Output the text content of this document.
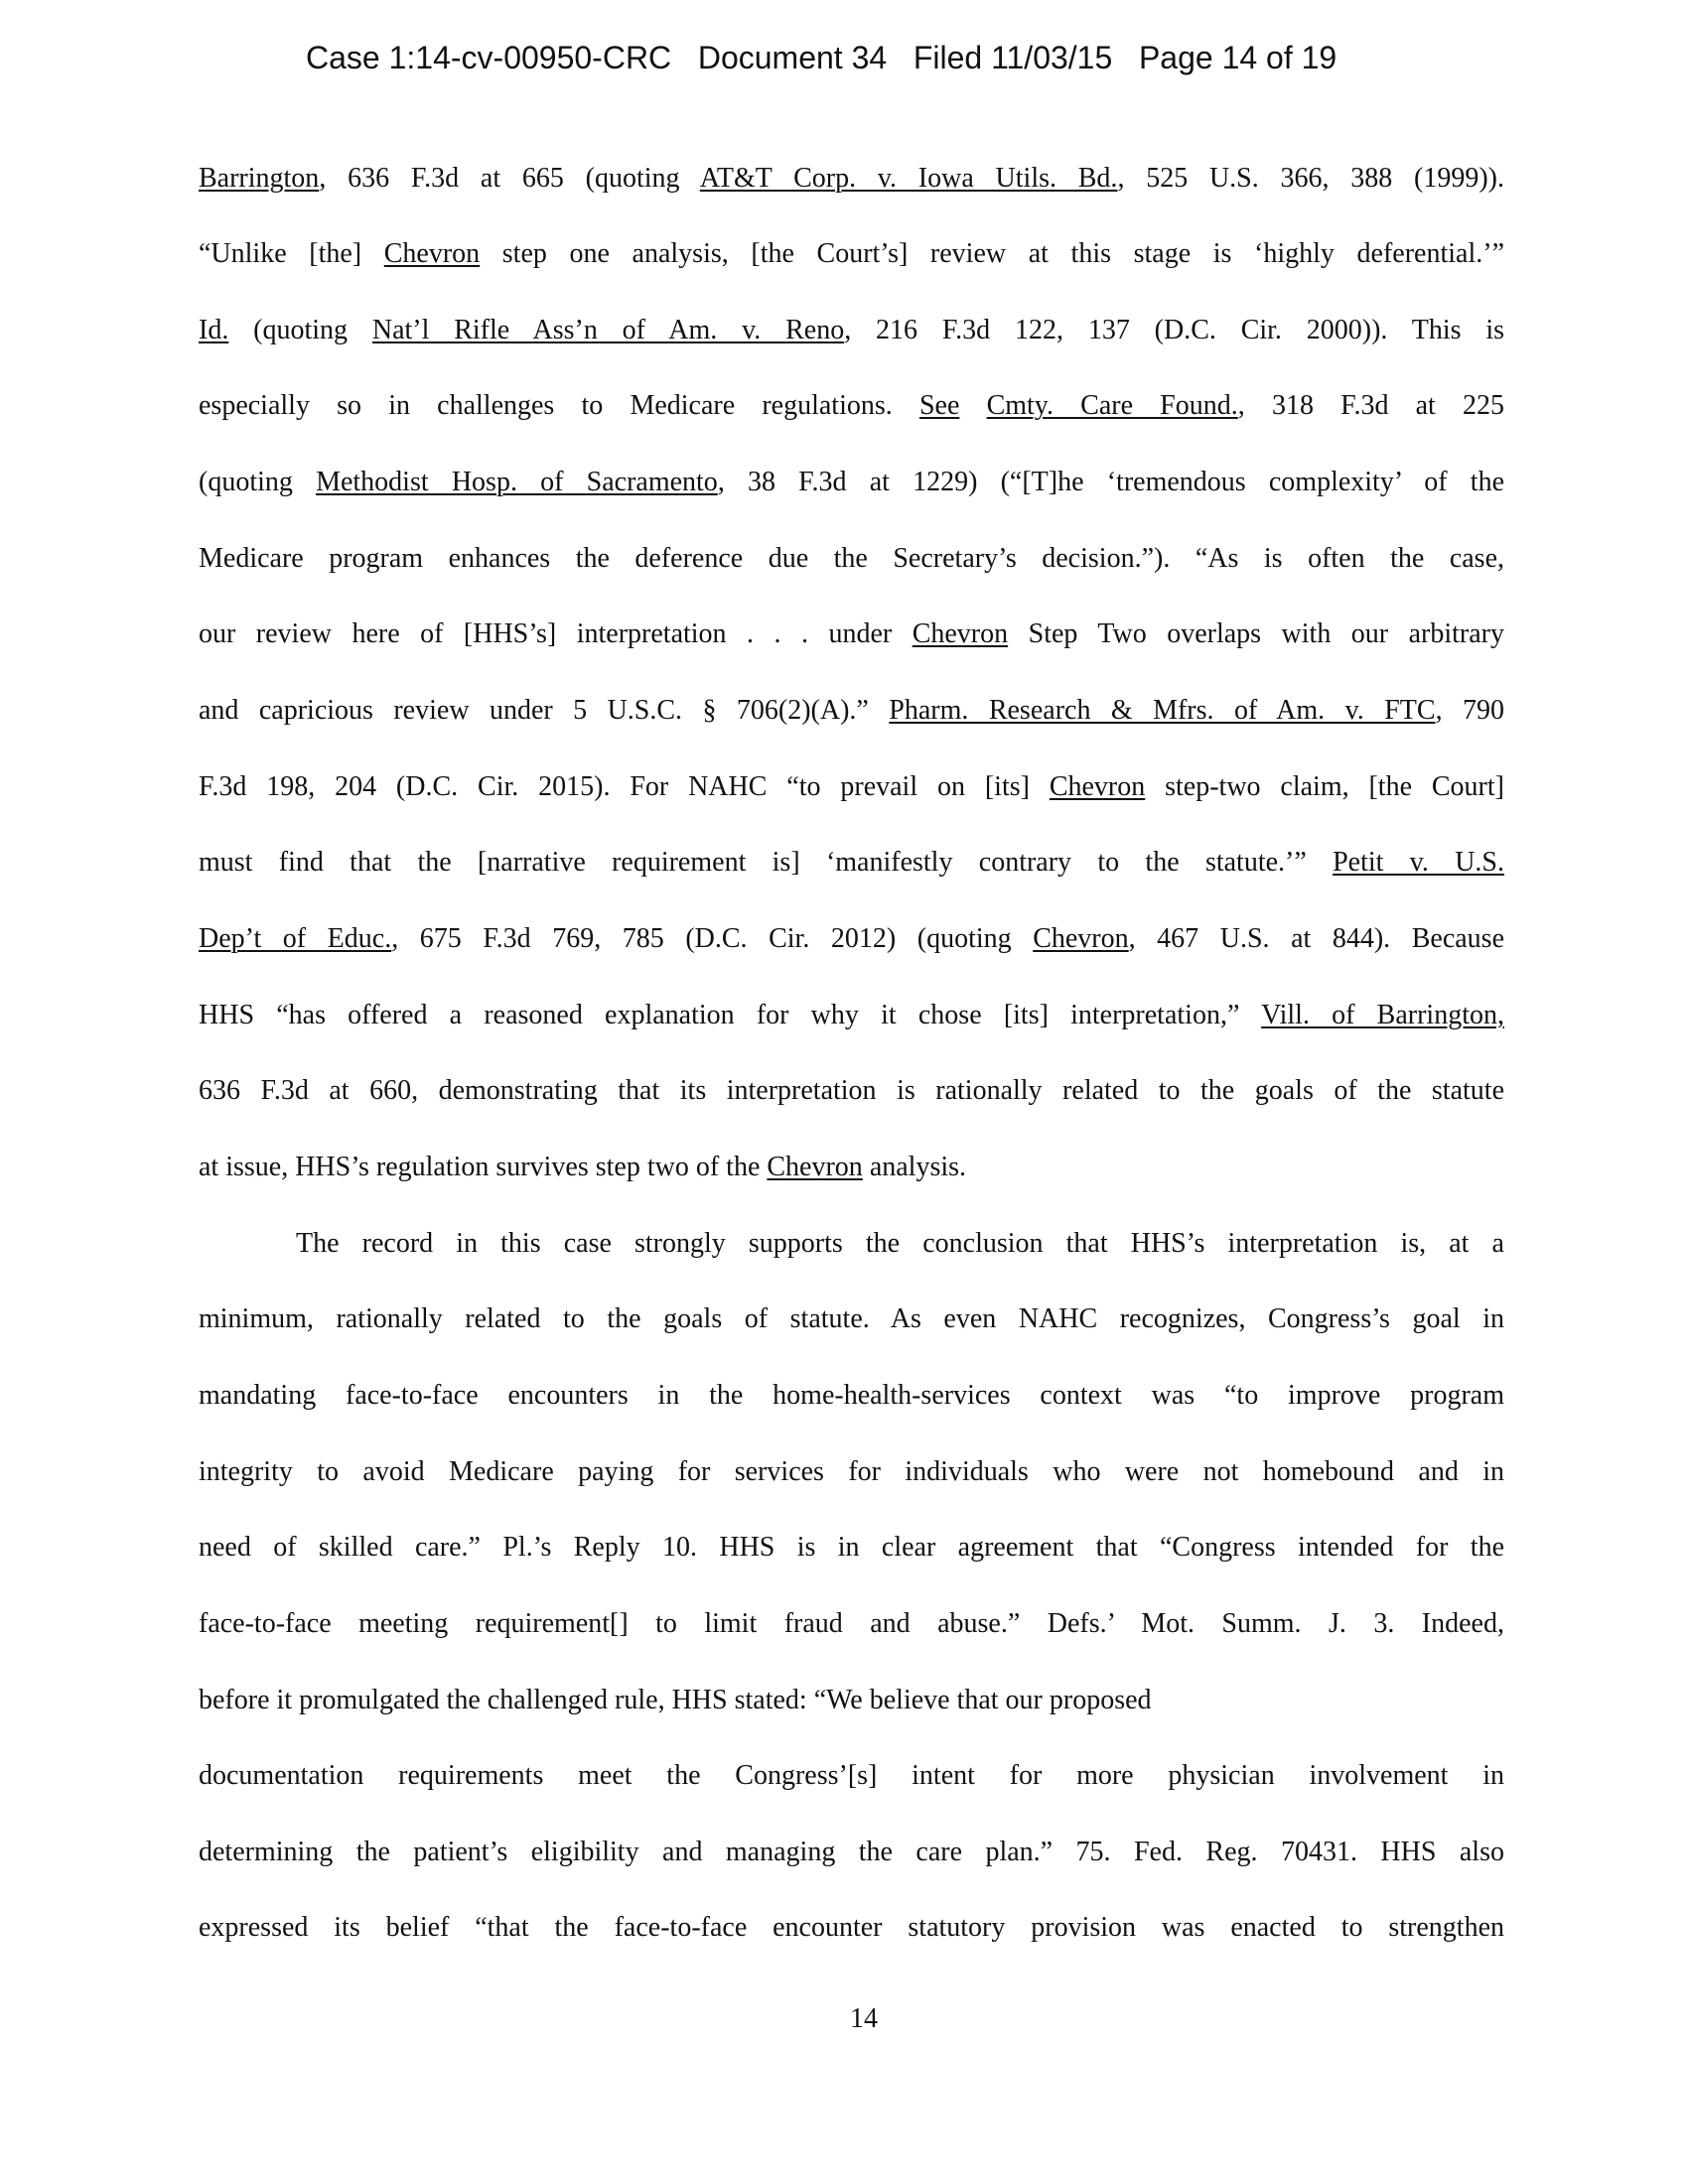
Case 1:14-cv-00950-CRC Document 34 Filed 11/03/15 Page 14 of 19
Barrington, 636 F.3d at 665 (quoting AT&T Corp. v. Iowa Utils. Bd., 525 U.S. 366, 388 (1999)).
“Unlike [the] Chevron step one analysis, [the Court’s] review at this stage is ‘highly deferential.’”
Id. (quoting Nat’l Rifle Ass’n of Am. v. Reno, 216 F.3d 122, 137 (D.C. Cir. 2000)). This is
especially so in challenges to Medicare regulations. See Cmty. Care Found., 318 F.3d at 225
(quoting Methodist Hosp. of Sacramento, 38 F.3d at 1229) (“[T]he ‘tremendous complexity’ of the
Medicare program enhances the deference due the Secretary’s decision.”). “As is often the case,
our review here of [HHS’s] interpretation . . . under Chevron Step Two overlaps with our arbitrary
and capricious review under 5 U.S.C. § 706(2)(A).” Pharm. Research & Mfrs. of Am. v. FTC, 790
F.3d 198, 204 (D.C. Cir. 2015). For NAHC “to prevail on [its] Chevron step-two claim, [the Court]
must find that the [narrative requirement is] ‘manifestly contrary to the statute.’” Petit v. U.S.
Dep’t of Educ., 675 F.3d 769, 785 (D.C. Cir. 2012) (quoting Chevron, 467 U.S. at 844). Because
HHS “has offered a reasoned explanation for why it chose [its] interpretation,” Vill. of Barrington,
636 F.3d at 660, demonstrating that its interpretation is rationally related to the goals of the statute
at issue, HHS’s regulation survives step two of the Chevron analysis.
The record in this case strongly supports the conclusion that HHS’s interpretation is, at a
minimum, rationally related to the goals of statute. As even NAHC recognizes, Congress’s goal in
mandating face-to-face encounters in the home-health-services context was “to improve program
integrity to avoid Medicare paying for services for individuals who were not homebound and in
need of skilled care.” Pl.’s Reply 10. HHS is in clear agreement that “Congress intended for the
face-to-face meeting requirement[] to limit fraud and abuse.” Defs.’ Mot. Summ. J. 3. Indeed,
before it promulgated the challenged rule, HHS stated: “We believe that our proposed
documentation requirements meet the Congress’[s] intent for more physician involvement in
determining the patient’s eligibility and managing the care plan.” 75. Fed. Reg. 70431. HHS also
expressed its belief “that the face-to-face encounter statutory provision was enacted to strengthen
14
